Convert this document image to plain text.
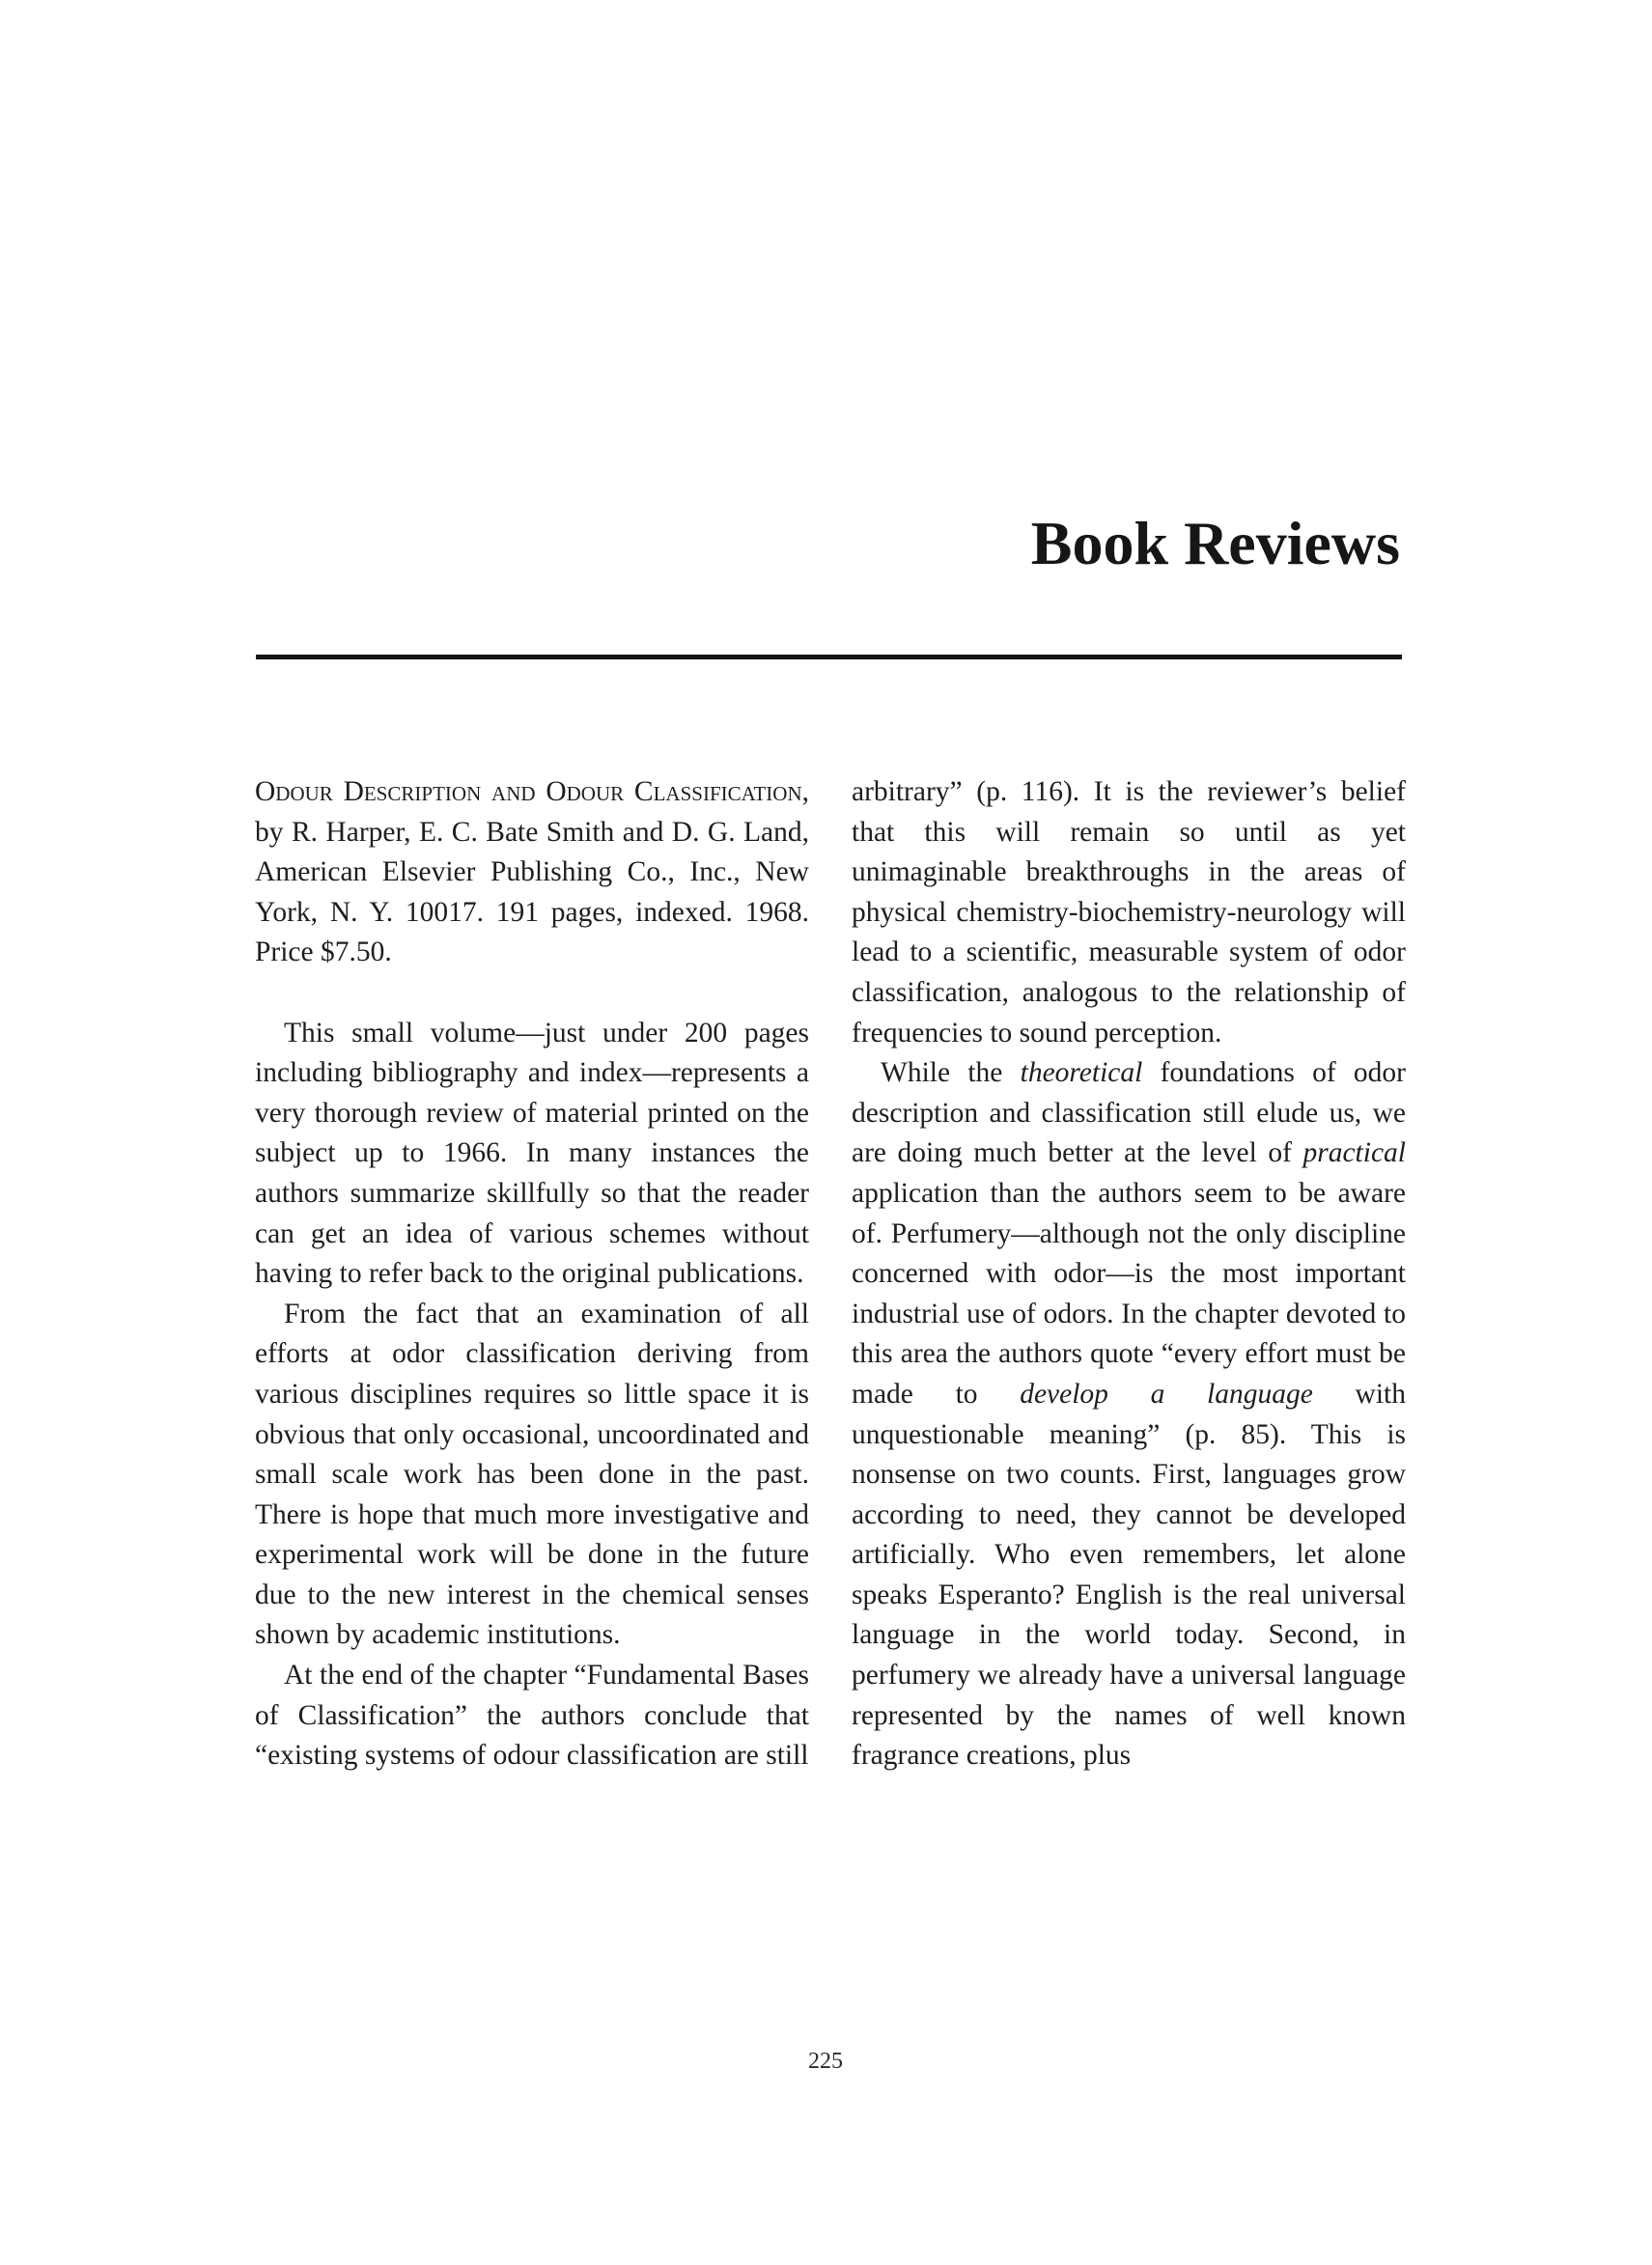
Book Reviews
Odour Description and Odour Classification, by R. Harper, E. C. Bate Smith and D. G. Land, American Elsevier Publishing Co., Inc., New York, N. Y. 10017. 191 pages, indexed. 1968. Price $7.50.

This small volume—just under 200 pages including bibliography and index—represents a very thorough review of material printed on the subject up to 1966. In many instances the authors summarize skillfully so that the reader can get an idea of various schemes without having to refer back to the original publications.

From the fact that an examination of all efforts at odor classification deriving from various disciplines requires so little space it is obvious that only occasional, uncoordinated and small scale work has been done in the past. There is hope that much more investigative and experimental work will be done in the future due to the new interest in the chemical senses shown by academic institutions.

At the end of the chapter “Fundamental Bases of Classification” the authors conclude that “existing systems of odour classification are still

arbitrary” (p. 116). It is the reviewer’s belief that this will remain so until as yet unimaginable breakthroughs in the areas of physical chemistry-biochemistry-neurology will lead to a scientific, measurable system of odor classification, analogous to the relationship of frequencies to sound perception.

While the theoretical foundations of odor description and classification still elude us, we are doing much better at the level of practical application than the authors seem to be aware of. Perfumery—although not the only discipline concerned with odor—is the most important industrial use of odors. In the chapter devoted to this area the authors quote “every effort must be made to develop a language with unquestionable meaning” (p. 85). This is nonsense on two counts. First, languages grow according to need, they cannot be developed artificially. Who even remembers, let alone speaks Esperanto? English is the real universal language in the world today. Second, in perfumery we already have a universal language represented by the names of well known fragrance creations, plus

225
